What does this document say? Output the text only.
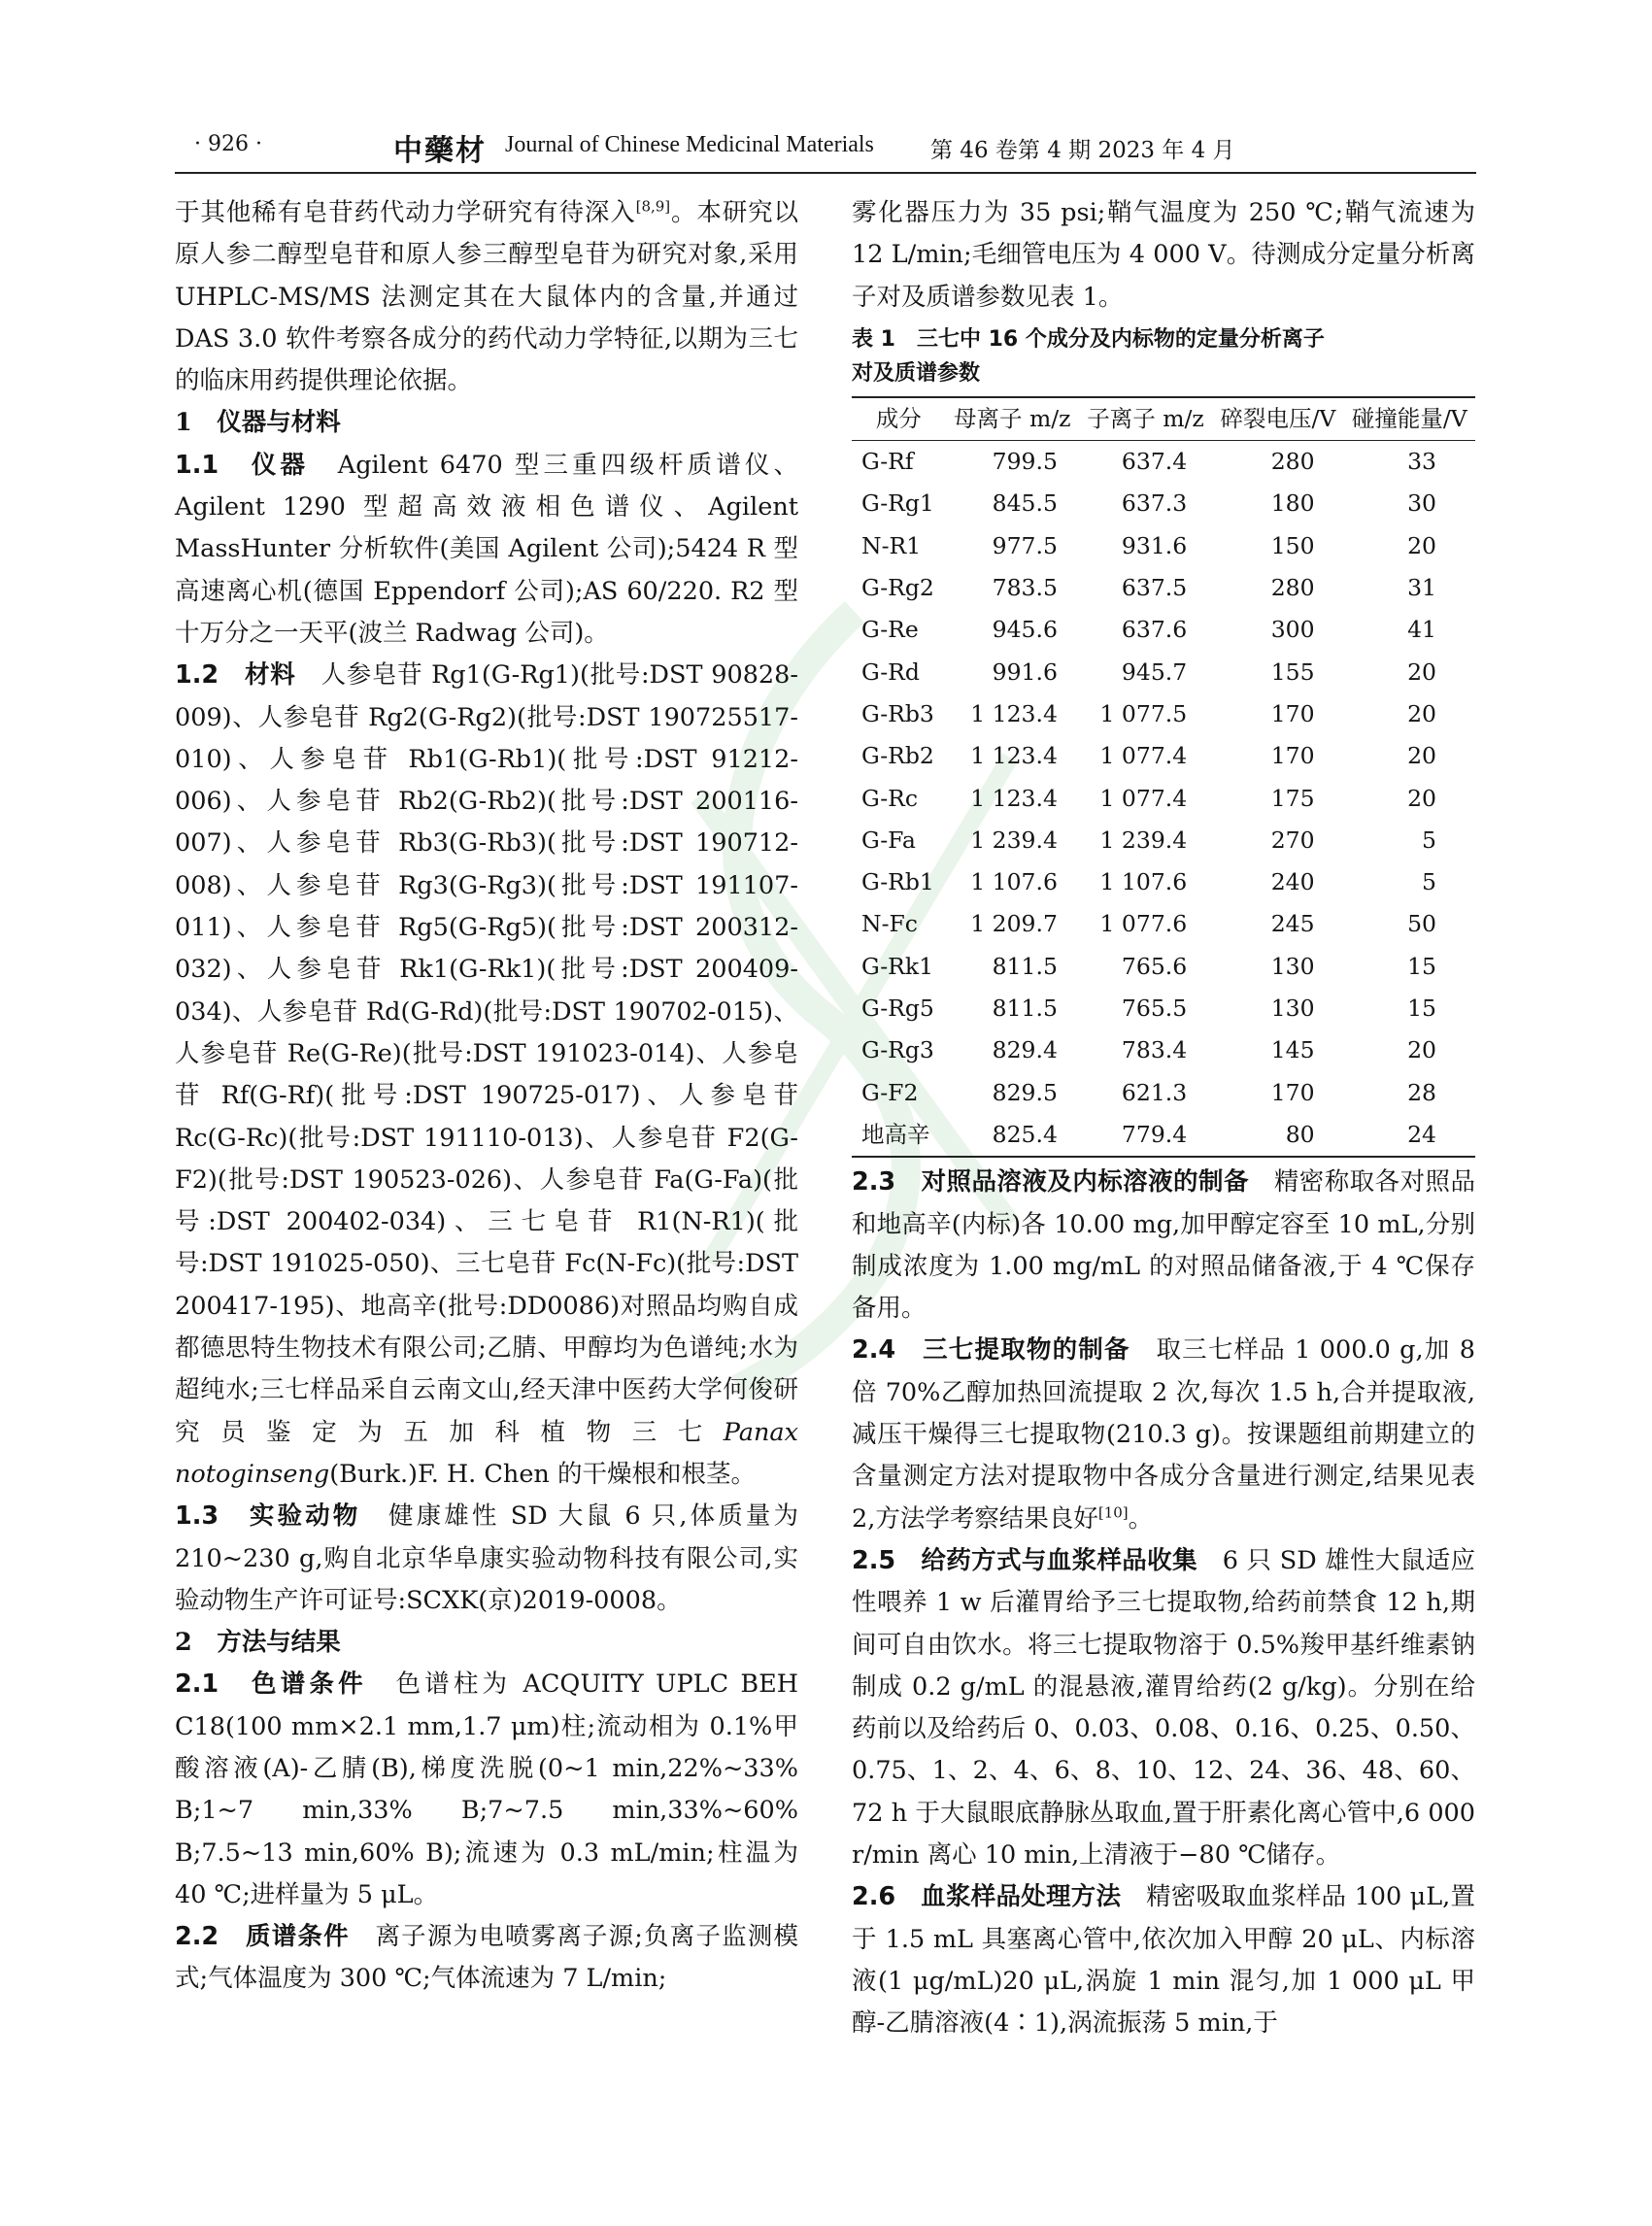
· 926 ·	中藥材 Journal of Chinese Medicinal Materials	第 46 卷第 4 期 2023 年 4 月

于其他稀有皂苷药代动力学研究有待深入[8,9]。本研究以原人参二醇型皂苷和原人参三醇型皂苷为研究对象,采用 UHPLC-MS/MS 法测定其在大鼠体内的含量,并通过 DAS 3.0 软件考察各成分的药代动力学特征,以期为三七的临床用药提供理论依据。

1　仪器与材料

1.1　仪器　Agilent 6470 型三重四级杆质谱仪、Agilent 1290 型超高效液相色谱仪、Agilent MassHunter 分析软件(美国 Agilent 公司);5424 R 型高速离心机(德国 Eppendorf 公司);AS 60/220. R2 型十万分之一天平(波兰 Radwag 公司)。

1.2　材料　人参皂苷 Rg1(G-Rg1)(批号:DST 90828-009)、人参皂苷 Rg2(G-Rg2)(批号:DST 190725517-010)、人参皂苷 Rb1(G-Rb1)(批号:DST 91212-006)、人参皂苷 Rb2(G-Rb2)(批号:DST 200116-007)、人参皂苷 Rb3(G-Rb3)(批号:DST 190712-008)、人参皂苷 Rg3(G-Rg3)(批号:DST 191107-011)、人参皂苷 Rg5(G-Rg5)(批号:DST 200312-032)、人参皂苷 Rk1(G-Rk1)(批号:DST 200409-034)、人参皂苷 Rd(G-Rd)(批号:DST 190702-015)、人参皂苷 Re(G-Re)(批号:DST 191023-014)、人参皂苷 Rf(G-Rf)(批号:DST 190725-017)、人参皂苷 Rc(G-Rc)(批号:DST 191110-013)、人参皂苷 F2(G-F2)(批号:DST 190523-026)、人参皂苷 Fa(G-Fa)(批号:DST 200402-034)、三七皂苷 R1(N-R1)(批号:DST 191025-050)、三七皂苷 Fc(N-Fc)(批号:DST 200417-195)、地高辛(批号:DD0086)对照品均购自成都德思特生物技术有限公司;乙腈、甲醇均为色谱纯;水为超纯水;三七样品采自云南文山,经天津中医药大学何俊研究员鉴定为五加科植物三七Panax notoginseng(Burk.)F. H. Chen 的干燥根和根茎。

1.3　实验动物　健康雄性 SD 大鼠 6 只,体质量为 210~230 g,购自北京华阜康实验动物科技有限公司,实验动物生产许可证号:SCXK(京)2019-0008。

2　方法与结果

2.1　色谱条件　色谱柱为 ACQUITY UPLC BEH C18(100 mm×2.1 mm,1.7 μm)柱;流动相为 0.1%甲酸溶液(A)-乙腈(B),梯度洗脱(0~1 min,22%~33% B;1~7 min,33% B;7~7.5 min,33%~60% B;7.5~13 min,60% B);流速为 0.3 mL/min;柱温为 40 ℃;进样量为 5 μL。

2.2　质谱条件　离子源为电喷雾离子源;负离子监测模式;气体温度为 300 ℃;气体流速为 7 L/min;

雾化器压力为 35 psi;鞘气温度为 250 ℃;鞘气流速为 12 L/min;毛细管电压为 4 000 V。待测成分定量分析离子对及质谱参数见表 1。

表 1　三七中 16 个成分及内标物的定量分析离子
对及质谱参数

成分	母离子 m/z	子离子 m/z	碎裂电压/V	碰撞能量/V
G-Rf	799.5	637.4	280	33
G-Rg1	845.5	637.3	180	30
N-R1	977.5	931.6	150	20
G-Rg2	783.5	637.5	280	31
G-Re	945.6	637.6	300	41
G-Rd	991.6	945.7	155	20
G-Rb3	1 123.4	1 077.5	170	20
G-Rb2	1 123.4	1 077.4	170	20
G-Rc	1 123.4	1 077.4	175	20
G-Fa	1 239.4	1 239.4	270	5
G-Rb1	1 107.6	1 107.6	240	5
N-Fc	1 209.7	1 077.6	245	50
G-Rk1	811.5	765.6	130	15
G-Rg5	811.5	765.5	130	15
G-Rg3	829.4	783.4	145	20
G-F2	829.5	621.3	170	28
地高辛	825.4	779.4	80	24

2.3　对照品溶液及内标溶液的制备　精密称取各对照品和地高辛(内标)各 10.00 mg,加甲醇定容至 10 mL,分别制成浓度为 1.00 mg/mL 的对照品储备液,于 4 ℃保存备用。

2.4　三七提取物的制备　取三七样品 1 000.0 g,加 8 倍 70%乙醇加热回流提取 2 次,每次 1.5 h,合并提取液,减压干燥得三七提取物(210.3 g)。按课题组前期建立的含量测定方法对提取物中各成分含量进行测定,结果见表 2,方法学考察结果良好[10]。

2.5　给药方式与血浆样品收集　6 只 SD 雄性大鼠适应性喂养 1 w 后灌胃给予三七提取物,给药前禁食 12 h,期间可自由饮水。将三七提取物溶于 0.5%羧甲基纤维素钠制成 0.2 g/mL 的混悬液,灌胃给药(2 g/kg)。分别在给药前以及给药后 0、0.03、0.08、0.16、0.25、0.50、0.75、1、2、4、6、8、10、12、24、36、48、60、72 h 于大鼠眼底静脉丛取血,置于肝素化离心管中,6 000 r/min 离心 10 min,上清液于−80 ℃储存。

2.6　血浆样品处理方法　精密吸取血浆样品 100 μL,置于 1.5 mL 具塞离心管中,依次加入甲醇 20 μL、内标溶液(1 μg/mL)20 μL,涡旋 1 min 混匀,加 1 000 μL 甲醇-乙腈溶液(4∶1),涡流振荡 5 min,于
